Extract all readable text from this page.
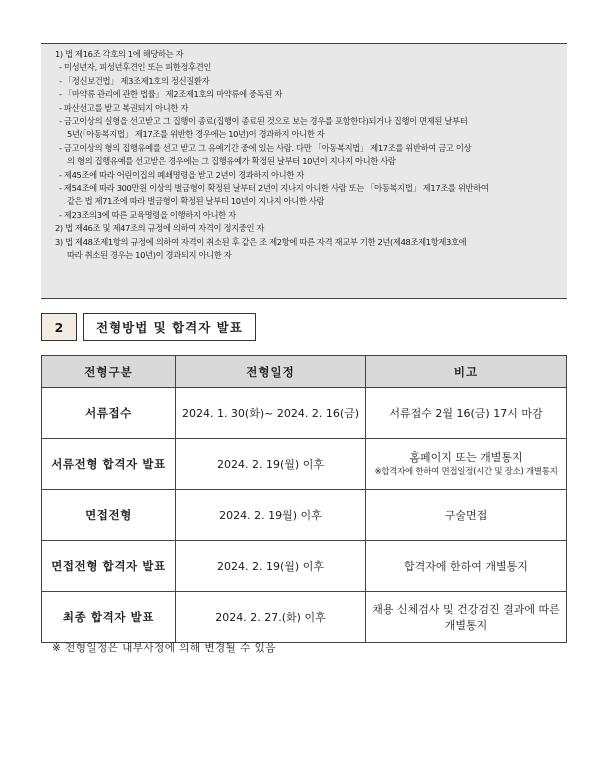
1) 법 제16조 각호의 1에 해당하는 자
- 미성년자, 피성년후견인 또는 피한정후견인
- 「정신보건법」 제3조제1호의 정신질환자
- 「마약류 관리에 관한 법률」 제2조제1호의 마약류에 중독된 자
- 파산선고를 받고 복권되지 아니한 자
- 금고이상의 실형을 선고받고 그 집행이 종료(집행이 종료된 것으로 보는 경우를 포함한다)되거나 집행이 면제된 날부터
5년(「아동복지법」 제17조를 위반한 경우에는 10년)이 경과하지 아니한 자
- 금고이상의 형의 집행유예를 선고 받고 그 유예기간 중에 있는 사람. 다만 「아동복지법」 제17조를 위반하여 금고 이상
의 형의 집행유예를 선고받은 경우에는 그 집행유예가 확정된 날부터 10년이 지나지 아니한 사람
- 제45조에 따라 어린이집의 폐쇄명령을 받고 2년이 경과하지 아니한 자
- 제54조에 따라 300만원 이상의 벌금형이 확정된 날부터 2년이 지나지 아니한 사람 또는 「아동복지법」 제17조를 위반하여
같은 법 제71조에 따라 벌금형이 확정된 날부터 10년이 지나지 아니한 사람
- 제23조의3에 따른 교육명령을 이행하지 아니한 자
2) 법 제46조 및 제47조의 규정에 의하여 자격이 정지중인 자
3) 법 제48조제1항의 규정에 의하여 자격이 취소된 후 같은 조 제2항에 따른 자격 재교부 기한 2년(제48조제1항제3호에
따라 취소된 경우는 10년)이 경과되지 아니한 자
2	전형방법 및 합격자 발표
전형구분	전형일정	비고
서류접수	2024. 1. 30(화)~ 2024. 2. 16(금)	서류접수 2월 16(금) 17시 마감
서류전형 합격자 발표	2024. 2. 19(월) 이후	홈페이지 또는 개별통지
※합격자에 한하여 면접일정(시간 및 장소) 개별통지

면접전형	2024. 2. 19월) 이후	구술면접
면접전형 합격자 발표	2024. 2. 19(월) 이후	합격자에 한하여 개별통지
최종 합격자 발표	2024. 2. 27.(화) 이후	채용 신체검사 및 건강검진 결과에 따른 개별통지
※ 전형일정은 내부사정에 의해 변경될 수 있음
